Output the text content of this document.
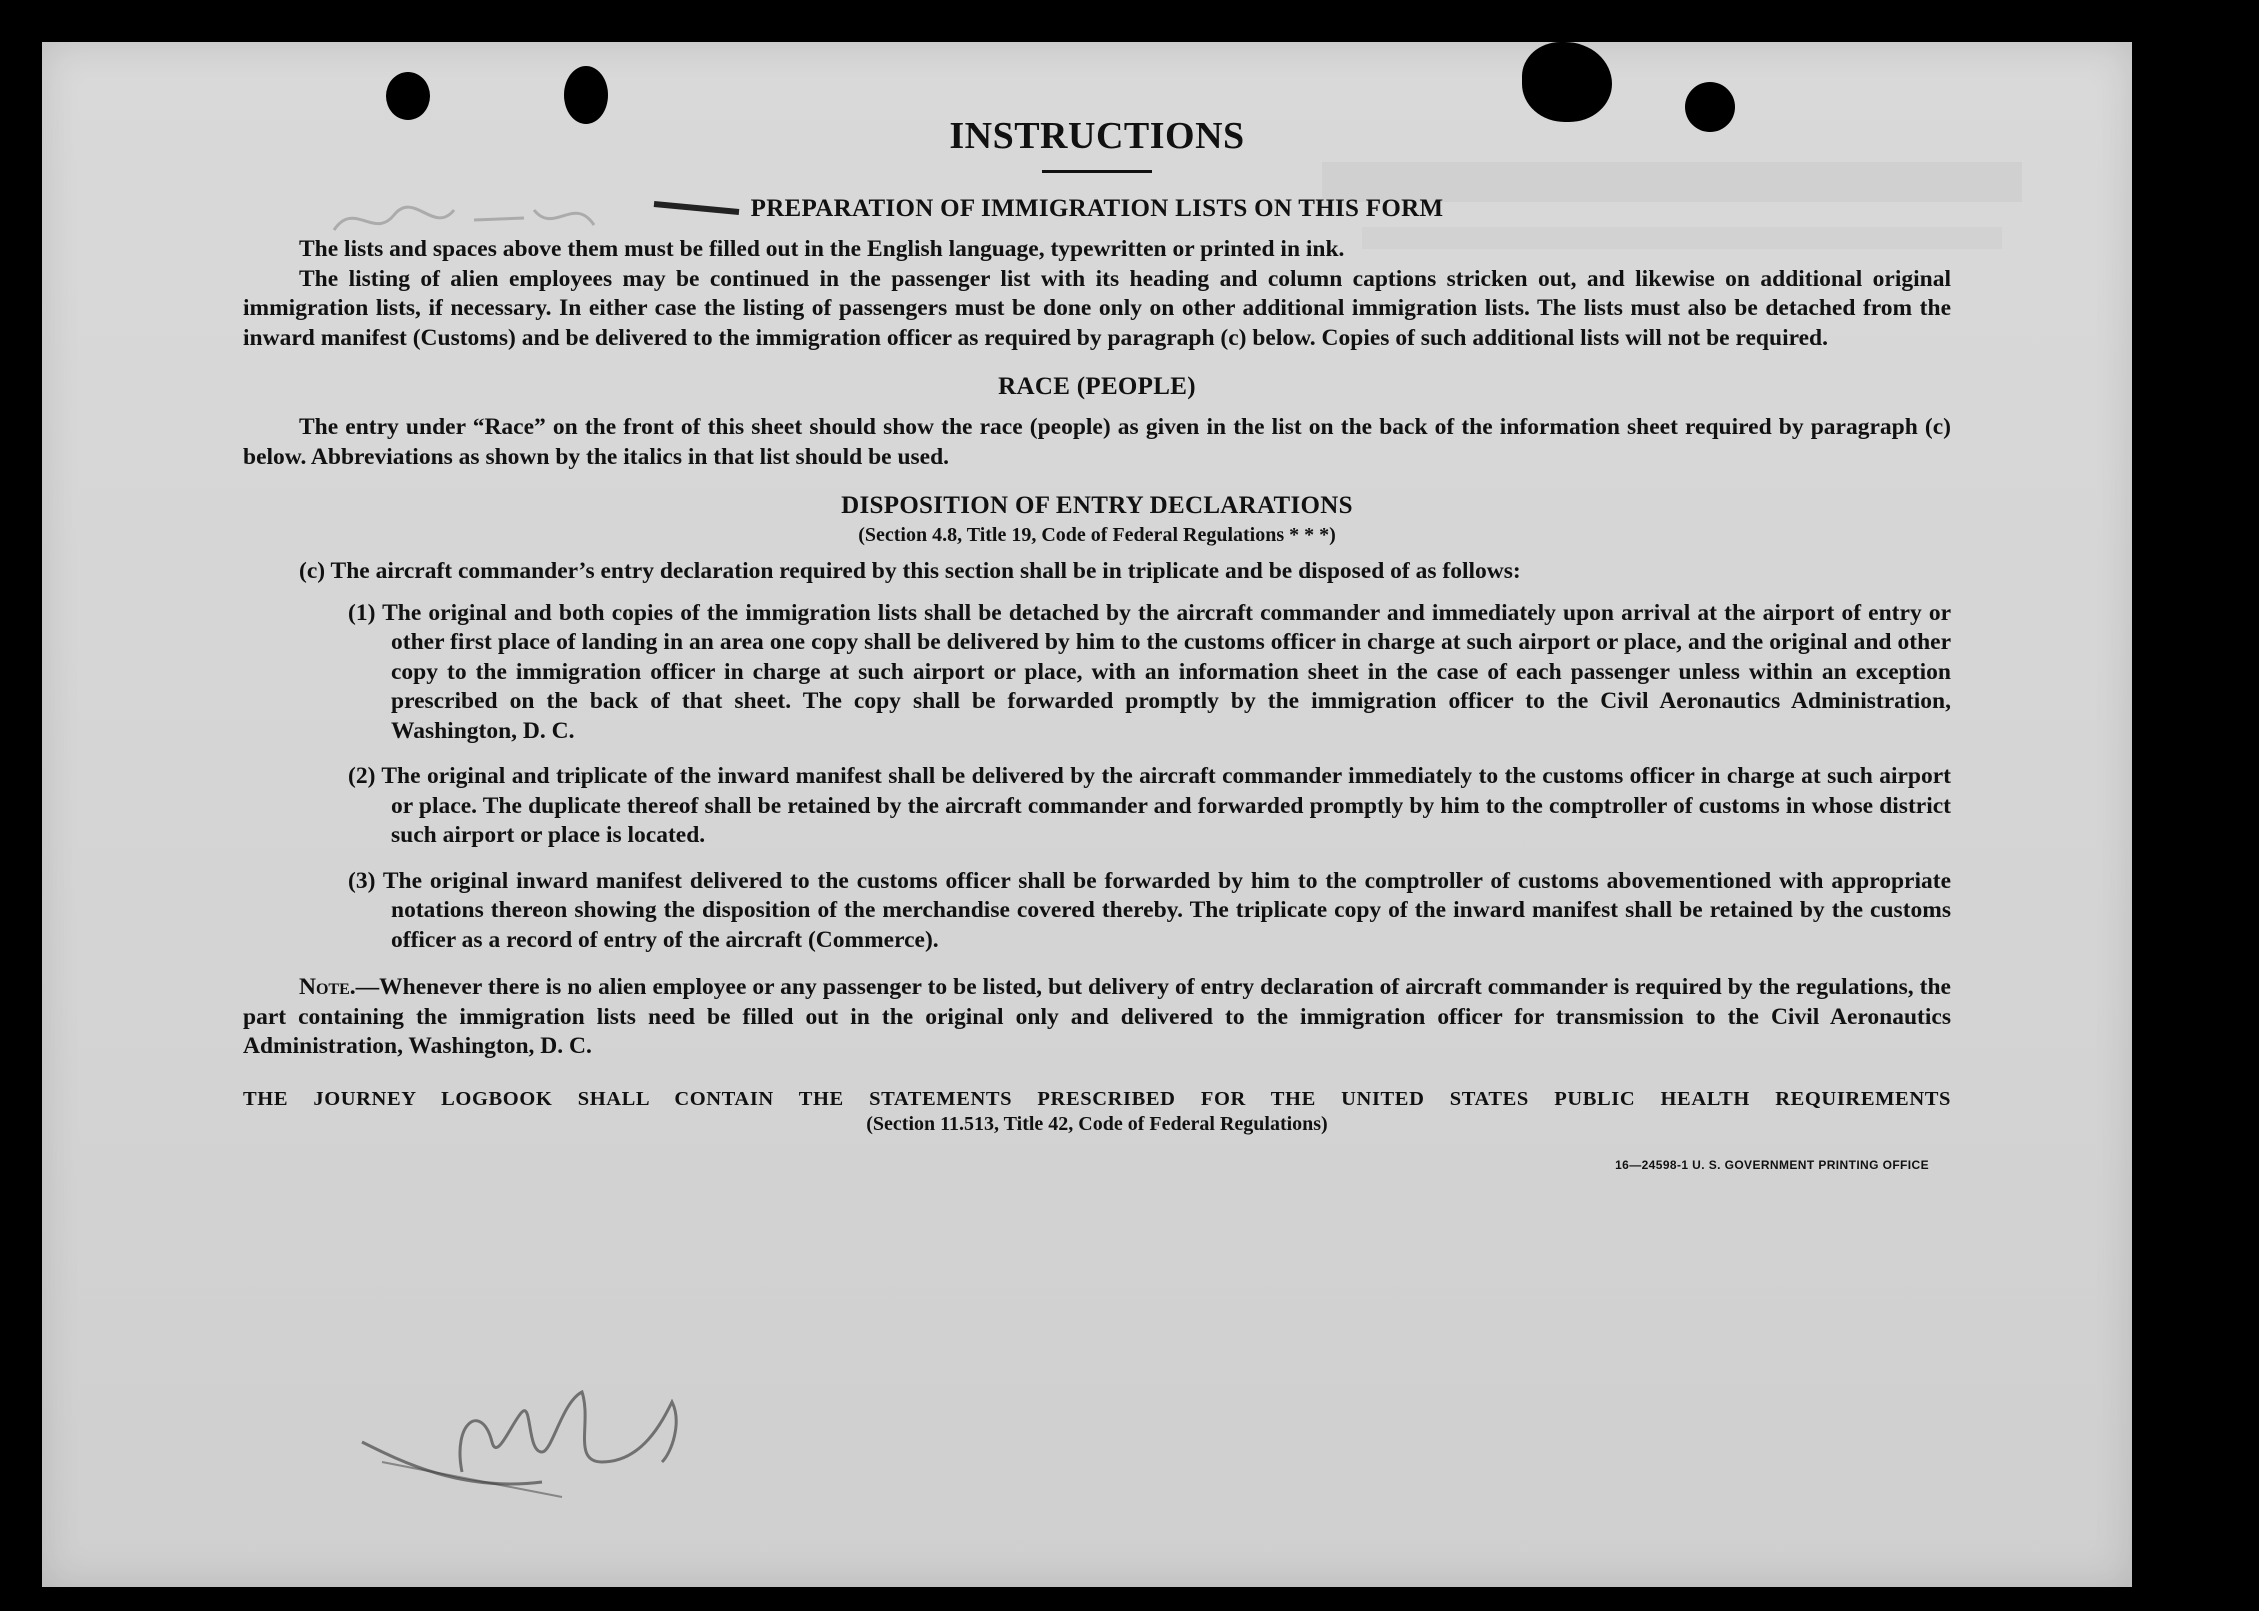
INSTRUCTIONS
PREPARATION OF IMMIGRATION LISTS ON THIS FORM

The lists and spaces above them must be filled out in the English language, typewritten or printed in ink.

The listing of alien employees may be continued in the passenger list with its heading and column captions stricken out, and likewise on additional original immigration lists, if necessary. In either case the listing of passengers must be done only on other additional immigration lists. The lists must also be detached from the inward manifest (Customs) and be delivered to the immigration officer as required by paragraph (c) below. Copies of such additional lists will not be required.

RACE (PEOPLE)

The entry under “Race” on the front of this sheet should show the race (people) as given in the list on the back of the information sheet required by paragraph (c) below. Abbreviations as shown by the italics in that list should be used.

DISPOSITION OF ENTRY DECLARATIONS
(Section 4.8, Title 19, Code of Federal Regulations * * *)

(c) The aircraft commander’s entry declaration required by this section shall be in triplicate and be disposed of as follows:

(1) The original and both copies of the immigration lists shall be detached by the aircraft commander and immediately upon arrival at the airport of entry or other first place of landing in an area one copy shall be delivered by him to the customs officer in charge at such airport or place, and the original and other copy to the immigration officer in charge at such airport or place, with an information sheet in the case of each passenger unless within an exception prescribed on the back of that sheet. The copy shall be forwarded promptly by the immigration officer to the Civil Aeronautics Administration, Washington, D. C.
(2) The original and triplicate of the inward manifest shall be delivered by the aircraft commander immediately to the customs officer in charge at such airport or place. The duplicate thereof shall be retained by the aircraft commander and forwarded promptly by him to the comptroller of customs in whose district such airport or place is located.
(3) The original inward manifest delivered to the customs officer shall be forwarded by him to the comptroller of customs abovementioned with appropriate notations thereon showing the disposition of the merchandise covered thereby. The triplicate copy of the inward manifest shall be retained by the customs officer as a record of entry of the aircraft (Commerce).

Note.—Whenever there is no alien employee or any passenger to be listed, but delivery of entry declaration of aircraft commander is required by the regulations, the part containing the immigration lists need be filled out in the original only and delivered to the immigration officer for transmission to the Civil Aeronautics Administration, Washington, D. C.

THE JOURNEY LOGBOOK SHALL CONTAIN THE STATEMENTS PRESCRIBED FOR THE UNITED STATES PUBLIC HEALTH REQUIREMENTS
(Section 11.513, Title 42, Code of Federal Regulations)
16—24598-1 U. S. GOVERNMENT PRINTING OFFICE
